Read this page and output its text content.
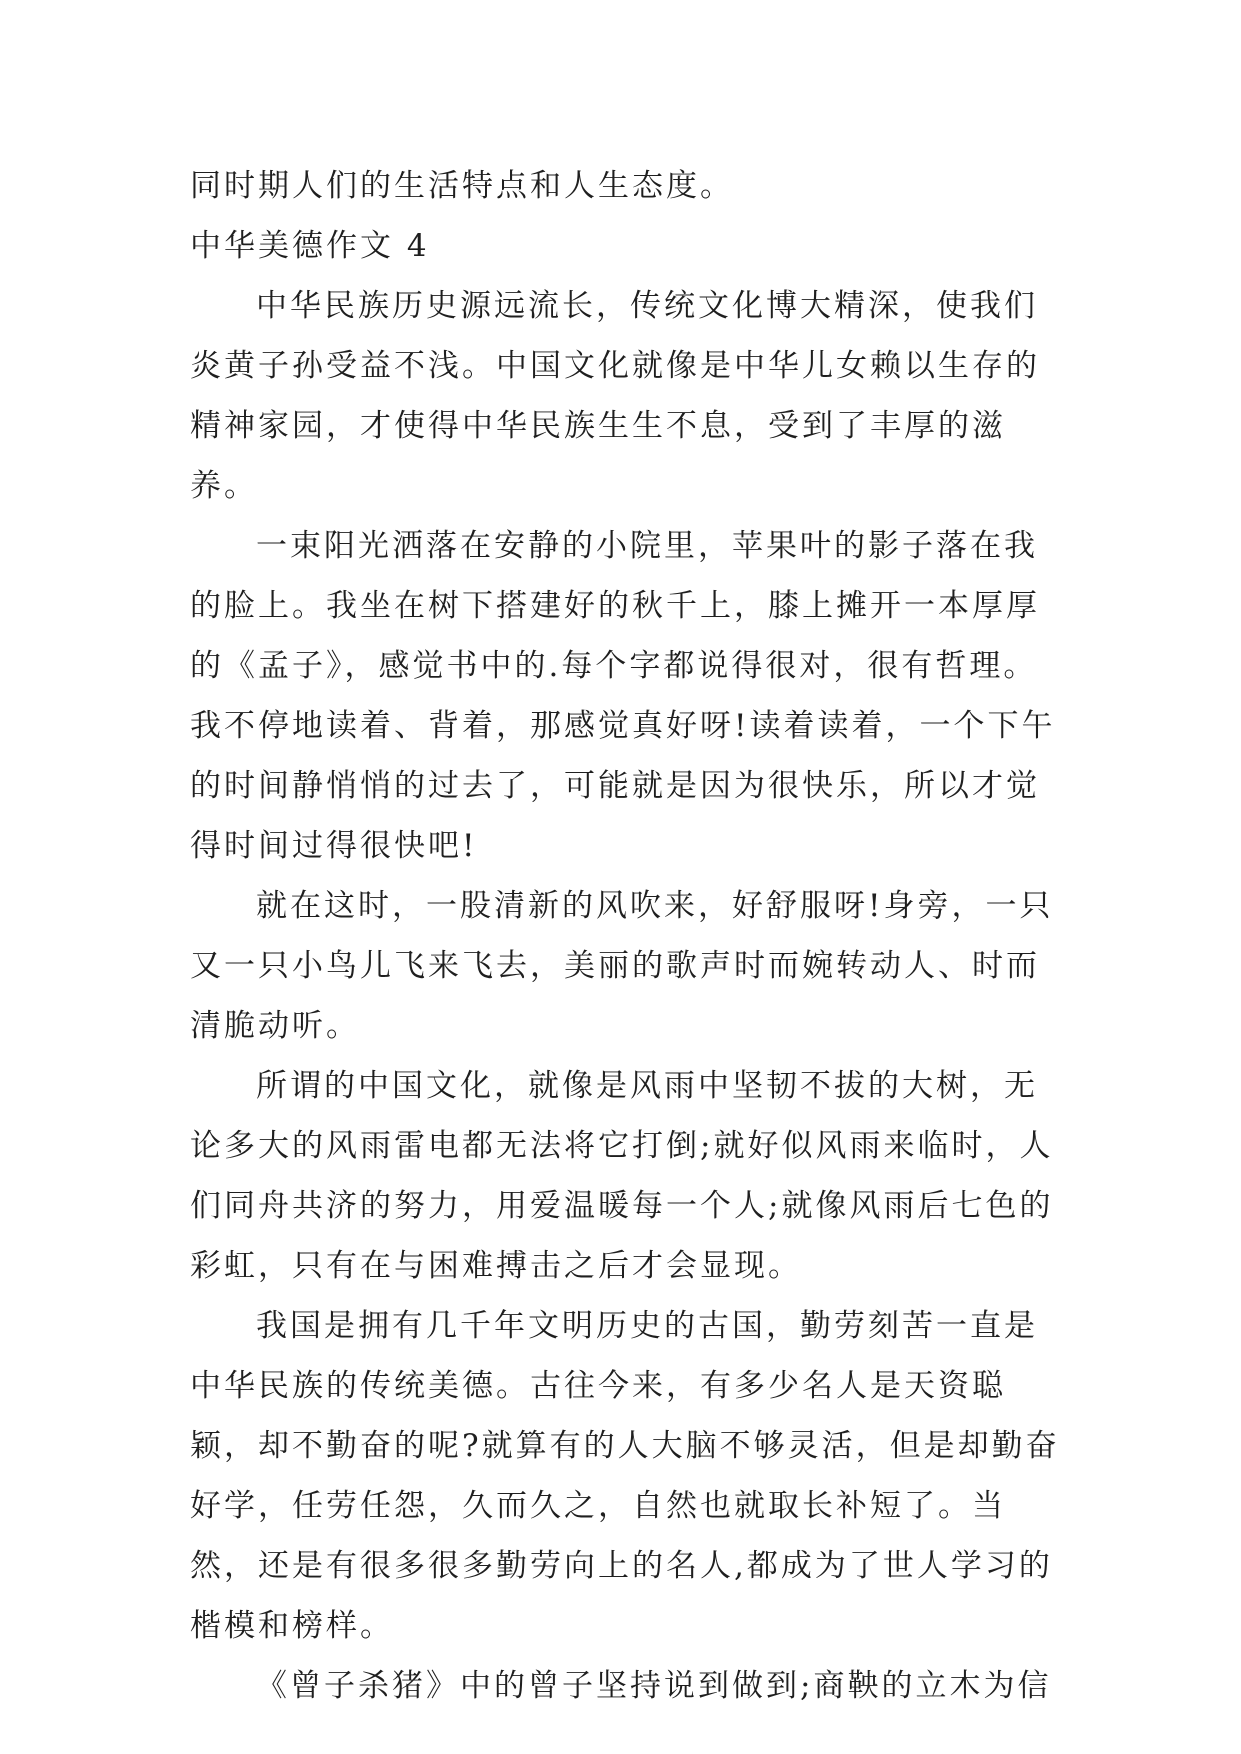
同时期人们的生活特点和人生态度。

中华美德作文 4

中华民族历史源远流长，传统文化博大精深，使我们炎黄子孙受益不浅。中国文化就像是中华儿女赖以生存的精神家园，才使得中华民族生生不息，受到了丰厚的滋养。

一束阳光洒落在安静的小院里，苹果叶的影子落在我的脸上。我坐在树下搭建好的秋千上，膝上摊开一本厚厚的《孟子》，感觉书中的.每个字都说得很对，很有哲理。我不停地读着、背着，那感觉真好呀!读着读着，一个下午的时间静悄悄的过去了，可能就是因为很快乐，所以才觉得时间过得很快吧!

就在这时，一股清新的风吹来，好舒服呀!身旁，一只又一只小鸟儿飞来飞去，美丽的歌声时而婉转动人、时而清脆动听。

所谓的中国文化，就像是风雨中坚韧不拔的大树，无论多大的风雨雷电都无法将它打倒;就好似风雨来临时，人们同舟共济的努力，用爱温暖每一个人;就像风雨后七色的彩虹，只有在与困难搏击之后才会显现。

我国是拥有几千年文明历史的古国，勤劳刻苦一直是中华民族的传统美德。古往今来，有多少名人是天资聪颖，却不勤奋的呢?就算有的人大脑不够灵活，但是却勤奋好学，任劳任怨，久而久之，自然也就取长补短了。当然，还是有很多很多勤劳向上的名人,都成为了世人学习的楷模和榜样。

《曾子杀猪》中的曾子坚持说到做到;商鞅的立木为信
